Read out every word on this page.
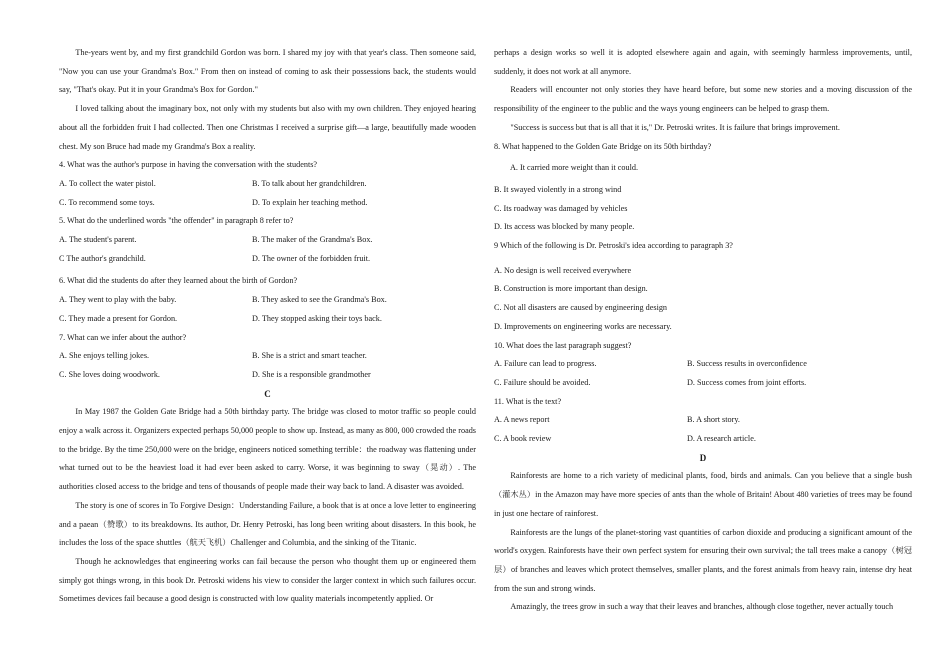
The-years went by, and my first grandchild Gordon was born. I shared my joy with that year's class. Then someone said, "Now you can use your Grandma's Box." From then on instead of coming to ask their possessions back, the students would say, "That's okay. Put it in your Grandma's Box for Gordon."

I loved talking about the imaginary box, not only with my students but also with my own children. They enjoyed hearing about all the forbidden fruit I had collected. Then one Christmas I received a surprise gift—a large, beautifully made wooden chest. My son Bruce had made my Grandma's Box a reality.

4. What was the author's purpose in having the conversation with the students?

A. To collect the water pistol.	B. To talk about her grandchildren.
C. To recommend some toys.	D. To explain her teaching method.

5. What do the underlined words "the offender" in paragraph 8 refer to?

A. The student's parent.	B. The maker of the Grandma's Box.
C The author's grandchild.	D. The owner of the forbidden fruit.

6. What did the students do after they learned about the birth of Gordon?

A. They went to play with the baby.	B. They asked to see the Grandma's Box.
C. They made a present for Gordon.	D. They stopped asking their toys back.

7. What can we infer about the author?

A. She enjoys telling jokes.	B. She is a strict and smart teacher.
C. She loves doing woodwork.	D. She is a responsible grandmother

C

In May 1987 the Golden Gate Bridge had a 50th birthday party. The bridge was closed to motor traffic so people could enjoy a walk across it. Organizers expected perhaps 50,000 people to show up. Instead, as many as 800, 000 crowded the roads to the bridge. By the time 250,000 were on the bridge, engineers noticed something terrible：the roadway was flattening under what turned out to be the heaviest load it had ever been asked to carry. Worse, it was beginning to sway（晃动）. The authorities closed access to the bridge and tens of thousands of people made their way back to land. A disaster was avoided.

The story is one of scores in To Forgive Design：Understanding Failure, a book that is at once a love letter to engineering and a paean（赞歌）to its breakdowns. Its author, Dr. Henry Petroski, has long been writing about disasters. In this book, he includes the loss of the space shuttles（航天飞机）Challenger and Columbia, and the sinking of the Titanic.

Though he acknowledges that engineering works can fail because the person who thought them up or engineered them simply got things wrong, in this book Dr. Petroski widens his view to consider the larger context in which such failures occur. Sometimes devices fail because a good design is constructed with low quality materials incompetently applied. Or

perhaps a design works so well it is adopted elsewhere again and again, with seemingly harmless improvements, until, suddenly, it does not work at all anymore.

Readers will encounter not only stories they have heard before, but some new stories and a moving discussion of the responsibility of the engineer to the public and the ways young engineers can be helped to grasp them.

"Success is success but that is all that it is," Dr. Petroski writes. It is failure that brings improvement.

8. What happened to the Golden Gate Bridge on its 50th birthday?

A. It carried more weight than it could.

B. It swayed violently in a strong wind

C. Its roadway was damaged by vehicles

D. Its access was blocked by many people.

9 Which of the following is Dr. Petroski's idea according to paragraph 3?

A. No design is well received everywhere

B. Construction is more important than design.

C. Not all disasters are caused by engineering design

D. Improvements on engineering works are necessary.

10. What does the last paragraph suggest?

A. Failure can lead to progress.	B. Success results in overconfidence
C. Failure should be avoided.	D. Success comes from joint efforts.

11. What is the text?

A. A news report	B. A short story.
C. A book review	D. A research article.

D

Rainforests are home to a rich variety of medicinal plants, food, birds and animals. Can you believe that a single bush（灌木丛）in the Amazon may have more species of ants than the whole of Britain! About 480 varieties of trees may be found in just one hectare of rainforest.

Rainforests are the lungs of the planet-storing vast quantities of carbon dioxide and producing a significant amount of the world's oxygen. Rainforests have their own perfect system for ensuring their own survival; the tall trees make a canopy（树冠层）of branches and leaves which protect themselves, smaller plants, and the forest animals from heavy rain, intense dry heat from the sun and strong winds.

Amazingly, the trees grow in such a way that their leaves and branches, although close together, never actually touch
